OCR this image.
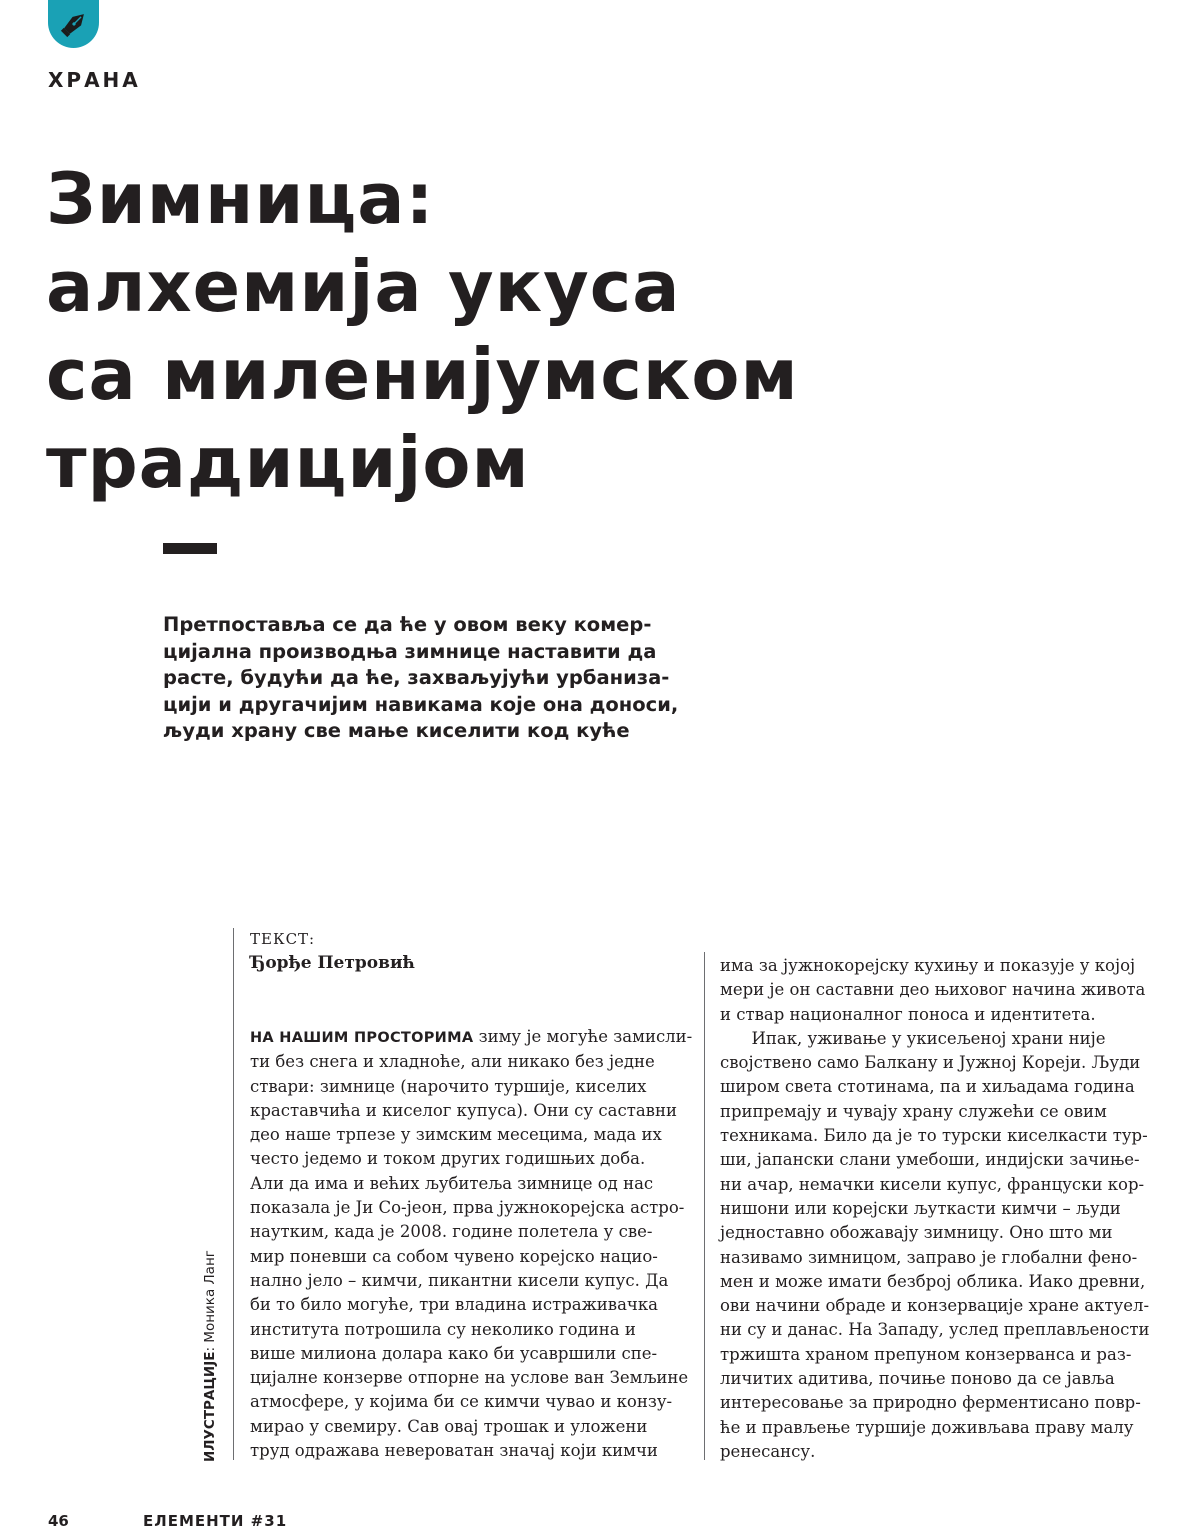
ХРАНА
Зимница:
алхемија укуса
са миленијумском
традицијом
Претпоставља се да ће у овом веку комер-
цијална производња зимнице наставити да
расте, будући да ће, захваљујући урбаниза-
цији и другачијим навикама које она доноси,
људи храну све мање киселити код куће
ИЛУСТРАЦИЈЕ: Моника Ланг
ТЕКСТ:
Ђорђе Петровић
НА НАШИМ ПРОСТОРИМА зиму је могуће замисли-
ти без снега и хладноће, али никако без једне
ствари: зимнице (нарочито туршије, киселих
краставчића и киселог купуса). Они су саставни
део наше трпезе у зимским месецима, мада их
често једемо и током других годишњих доба.
Али да има и већих љубитеља зимнице од нас
показала је Ји Со-јеон, прва јужнокорејска астро-
наутким, када је 2008. године полетела у све-
мир поневши са собом чувено корејско нацио-
нално јело – кимчи, пикантни кисели купус. Да
би то било могуће, три владина истраживачка
института потрошила су неколико година и
више милиона долара како би усавршили спе-
цијалне конзерве отпорне на услове ван Земљине
атмосфере, у којима би се кимчи чувао и конзу-
мирао у свемиру. Сав овај трошак и уложени
труд одражава невероватан значај који кимчи
има за јужнокорејску кухињу и показује у којој
мери је он саставни део њиховог начина живота
и ствар националног поноса и идентитета.
Ипак, уживање у укисељеној храни није
својствено само Балкану и Јужној Кореји. Људи
широм света стотинама, па и хиљадама година
припремају и чувају храну служећи се овим
техникама. Било да је то турски киселкасти тур-
ши, јапански слани умебоши, индијски зачиње-
ни ачар, немачки кисели купус, француски кор-
нишони или корејски љуткасти кимчи – људи
једноставно обожавају зимницу. Оно што ми
називамо зимницом, заправо је глобални фено-
мен и може имати безброј облика. Иако древни,
ови начини обраде и конзервације хране актуел-
ни су и данас. На Западу, услед преплављености
тржишта храном препуном конзерванса и раз-
личитих адитива, почиње поново да се јавља
интересовање за природно ферментисано повр-
ће и прављење туршије доживљава праву малу
ренесансу.
46	ЕЛЕМЕНТИ #31
